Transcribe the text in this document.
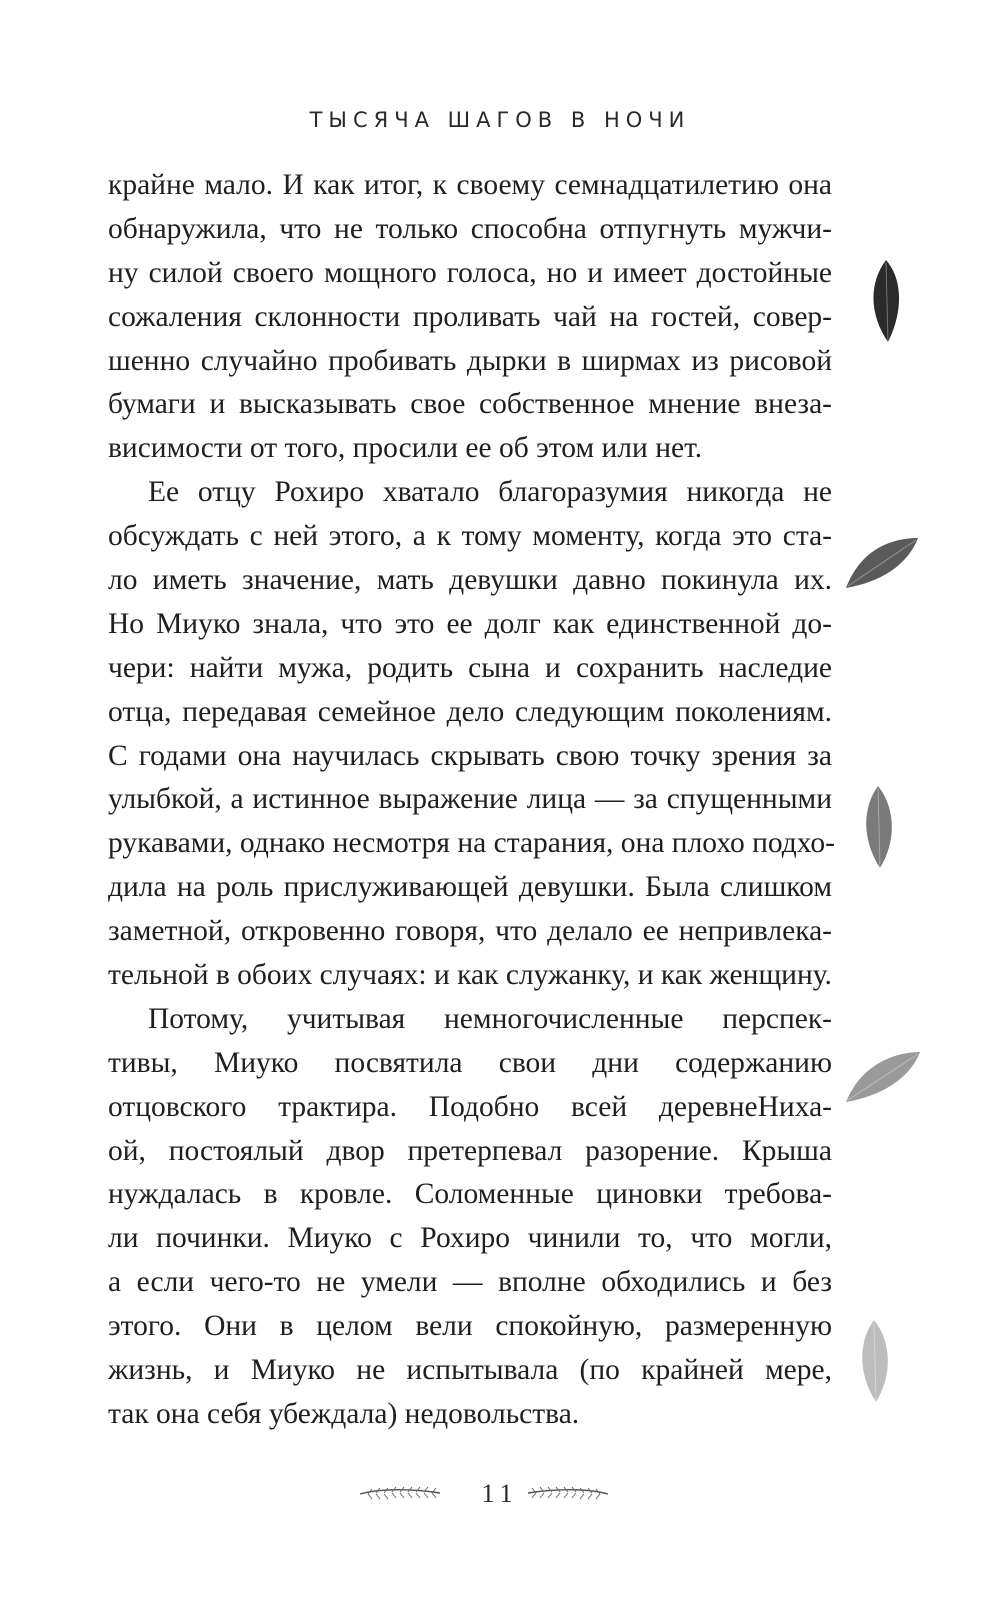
ТЫСЯЧА ШАГОВ В НОЧИ
крайне мало. И как итог, к своему семнадцатилетию она
обнаружила, что не только способна отпугнуть мужчи-
ну силой своего мощного голоса, но и имеет достойные
сожаления склонности проливать чай на гостей, совер-
шенно случайно пробивать дырки в ширмах из рисовой
бумаги и высказывать свое собственное мнение внеза-
висимости от того, просили ее об этом или нет.
Ее отцу Рохиро хватало благоразумия никогда не
обсуждать с ней этого, а к тому моменту, когда это ста-
ло иметь значение, мать девушки давно покинула их.
Но Миуко знала, что это ее долг как единственной до-
чери: найти мужа, родить сына и сохранить наследие
отца, передавая семейное дело следующим поколениям.
С годами она научилась скрывать свою точку зрения за
улыбкой, а истинное выражение лица — за спущенными
рукавами, однако несмотря на старания, она плохо подхо-
дила на роль прислуживающей девушки. Была слишком
заметной, откровенно говоря, что делало ее непривлека-
тельной в обоих случаях: и как служанку, и как женщину.
Потому, учитывая немногочисленные перспек-
тивы, Миуко посвятила свои дни содержанию
отцовского трактира. Подобно всей деревнеНиха-
ой, постоялый двор претерпевал разорение. Крыша
нуждалась в кровле. Соломенные циновки требова-
ли починки. Миуко с Рохиро чинили то, что могли,
а если чего-то не умели — вполне обходились и без
этого. Они в целом вели спокойную, размеренную
жизнь, и Миуко не испытывала (по крайней мере,
так она себя убеждала) недовольства.
11
